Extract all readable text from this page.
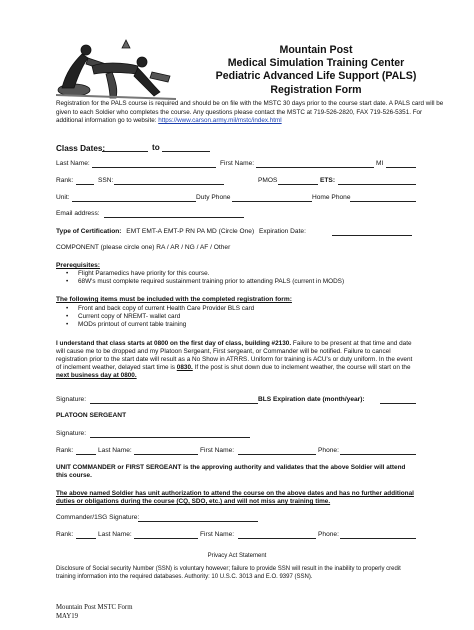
Mountain Post
Medical Simulation Training Center
Pediatric Advanced Life Support (PALS)
Registration Form
Registration for the PALS course is required and should be on file with the MSTC 30 days prior to the course start date. A PALS card will be given to each Soldier who completes the course. Any questions please contact the MSTC at 719-526-2820, FAX 719-526-5351. For additional information go to website: https://www.carson.army.mil/mstc/index.html
Class Dates:	to
Last Name:	First Name:	MI
Rank:	SSN:	PMOS	ETS:
Unit:	Duty Phone	Home Phone
Email address:
Type of Certification: EMT EMT-A EMT-P RN PA MD (Circle One) Expiration Date:
COMPONENT (please circle one) RA / AR / NG / AF / Other
Prerequisites:
• Flight Paramedics have priority for this course.
• 68W's must complete required sustainment training prior to attending PALS (current in MODS)
The following items must be included with the completed registration form:
• Front and back copy of current Health Care Provider BLS card
• Current copy of NREMT- wallet card
• MODs printout of current table training
I understand that class starts at 0800 on the first day of class, building #2130. Failure to be present at that time and date will cause me to be dropped and my Platoon Sergeant, First sergeant, or Commander will be notified. Failure to cancel registration prior to the start date will result as a No Show in ATRRS. Uniform for training is ACU's or duty uniform. In the event of inclement weather, delayed start time is 0830. If the post is shut down due to inclement weather, the course will start on the next business day at 0800.
Signature:	BLS Expiration date (month/year):
PLATOON SERGEANT
Signature:
Rank:	Last Name:	First Name:	Phone:
UNIT COMMANDER or FIRST SERGEANT is the approving authority and validates that the above Soldier will attend this course.
The above named Soldier has unit authorization to attend the course on the above dates and has no further additional duties or obligations during the course (CQ, SDO, etc.) and will not miss any training time.
Commander/1SG Signature:
Rank:	Last Name:	First Name:	Phone:
Privacy Act Statement
Disclosure of Social security Number (SSN) is voluntary however; failure to provide SSN will result in the inability to properly credit training information into the required databases. Authority: 10 U.S.C. 3013 and E.O. 9397 (SSN).
Mountain Post MSTC Form
MAY19
